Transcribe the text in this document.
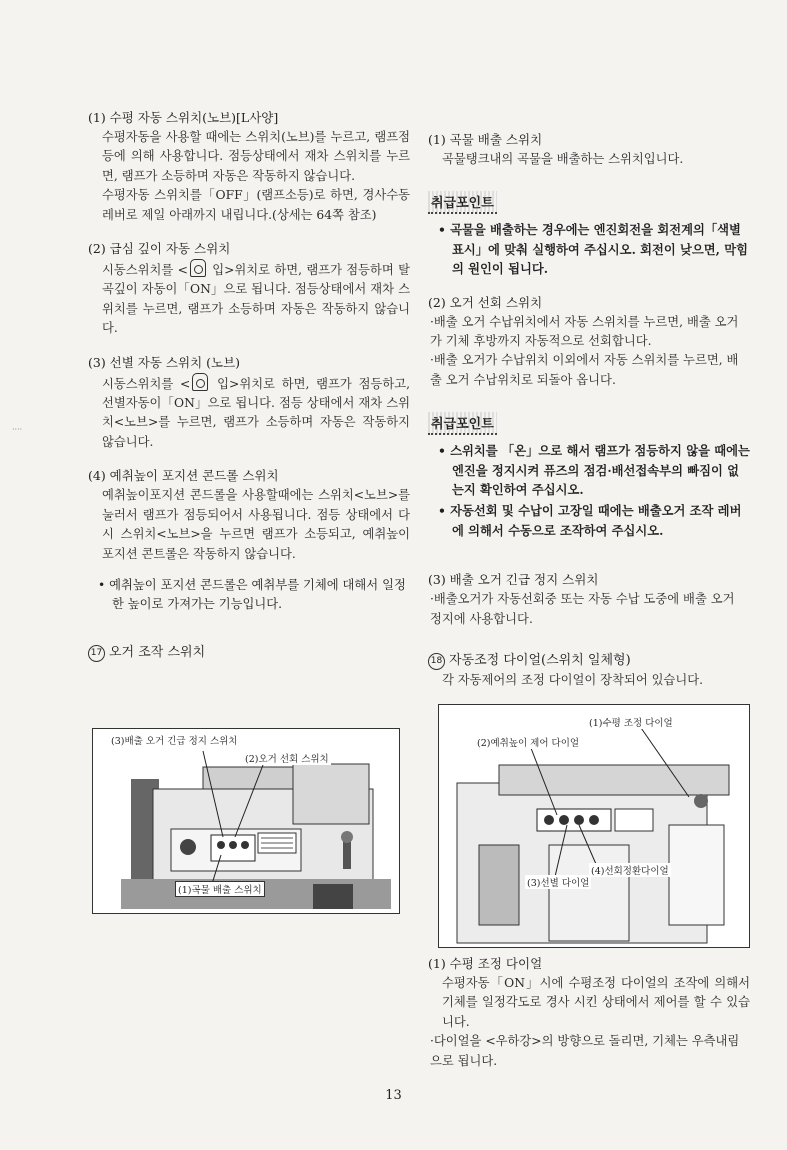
····
(1) 수평 자동 스위치(노브)[L사양]
수평자동을 사용할 때에는 스위치(노브)를 누르고, 램프점등에 의해 사용합니다. 점등상태에서 재차 스위치를 누르면, 램프가 소등하며 자동은 작동하지 않습니다.
수평자동 스위치를「OFF」(램프소등)로 하면, 경사수동 레버로 제일 아래까지 내립니다.(상세는 64쪽 참조)
(2) 급심 깊이 자동 스위치
시동스위치를 < 입>위치로 하면, 램프가 점등하며 탈곡깊이 자동이「ON」으로 됩니다. 점등상태에서 재차 스위치를 누르면, 램프가 소등하며 자동은 작동하지 않습니다.
(3) 선별 자동 스위치 (노브)
시동스위치를 < 입>위치로 하면, 램프가 점등하고, 선별자동이「ON」으로 됩니다. 점등 상태에서 재차 스위치<노브>를 누르면, 램프가 소등하며 자동은 작동하지 않습니다.
(4) 예취높이 포지션 콘드롤 스위치
예취높이포지션 콘드롤을 사용할때에는 스위치<노브>를 눌러서 램프가 점등되어서 사용됩니다. 점등 상태에서 다시 스위치<노브>을 누르면 램프가 소등되고, 예취높이 포지션 콘트롤은 작동하지 않습니다.
• 예취높이 포지션 콘드롤은 예취부를 기체에 대해서 일정한 높이로 가져가는 기능입니다.
17 오거 조작 스위치
(3)배출 오거 긴급 정지 스위치
(2)오거 선회 스위치
(1)곡물 배출 스위치
(1) 곡물 배출 스위치
곡물탱크내의 곡물을 배출하는 스위치입니다.
취급포인트
• 곡물을 배출하는 경우에는 엔진회전을 회전계의「색별표시」에 맞춰 실행하여 주십시오. 회전이 낮으면, 막힘의 원인이 됩니다.
(2) 오거 선회 스위치
·배출 오거 수납위치에서 자동 스위치를 누르면, 배출 오거가 기체 후방까지 자동적으로 선회합니다.
·배출 오거가 수납위치 이외에서 자동 스위치를 누르면, 배출 오거 수납위치로 되돌아 옵니다.
취급포인트
• 스위치를 「온」으로 해서 램프가 점등하지 않을 때에는 엔진을 정지시켜 퓨즈의 점검·배선접속부의 빠짐이 없는지 확인하여 주십시오.
• 자동선회 및 수납이 고장일 때에는 배출오거 조작 레버에 의해서 수동으로 조작하여 주십시오.
(3) 배출 오거 긴급 정지 스위치
·배출오거가 자동선회중 또는 자동 수납 도중에 배출 오거 정지에 사용합니다.
18 자동조정 다이얼(스위치 일체형)
각 자동제어의 조정 다이얼이 장착되어 있습니다.
(1)수평 조정 다이얼
(2)예취높이 제어 다이얼
(4)선회정환다이얼
(3)선별 다이얼
(1) 수평 조정 다이얼
수평자동「ON」시에 수평조정 다이얼의 조작에 의해서 기체를 일정각도로 경사 시킨 상태에서 제어를 할 수 있습니다.
·다이얼을 <우하강>의 방향으로 돌리면, 기체는 우측내림으로 됩니다.
13
